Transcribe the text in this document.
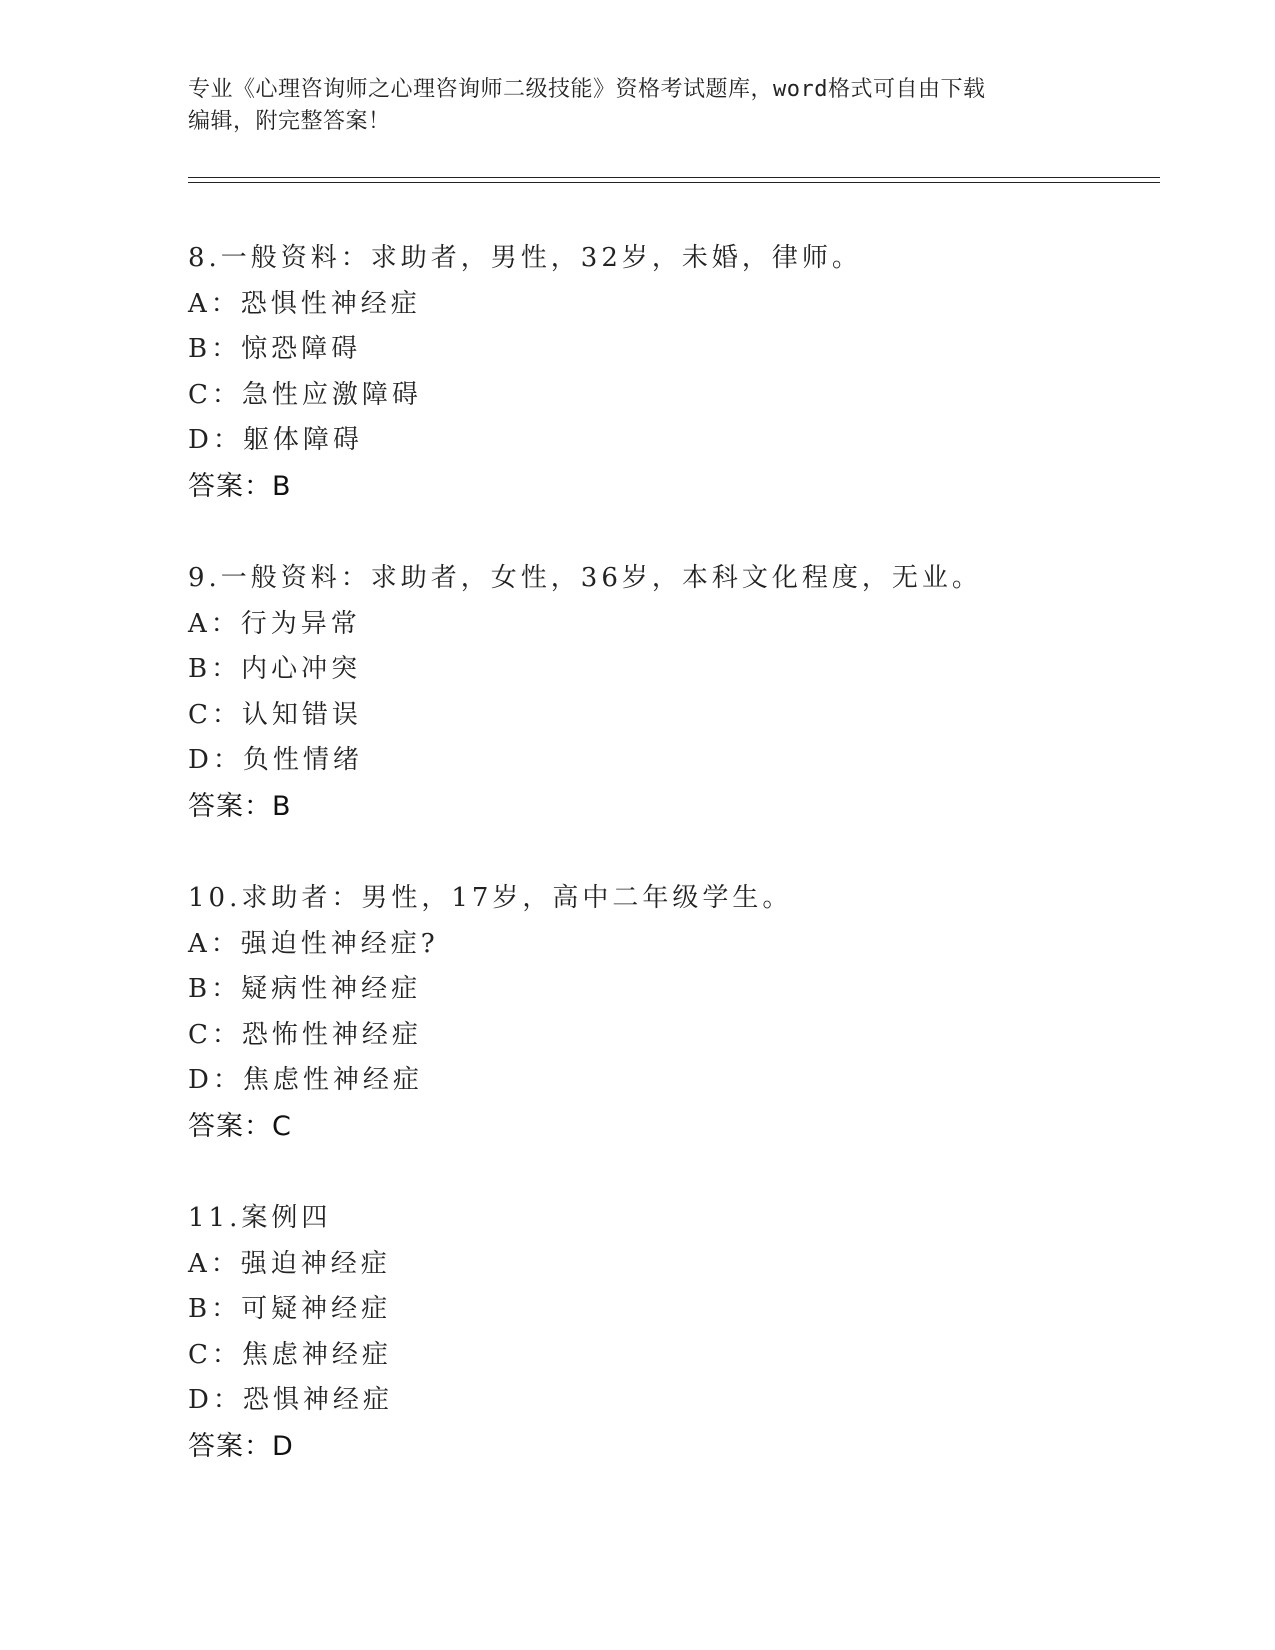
专业《心理咨询师之心理咨询师二级技能》资格考试题库，word格式可自由下载
编辑，附完整答案！
8.一般资料：求助者，男性，32岁，未婚，律师。
A：恐惧性神经症
B：惊恐障碍
C：急性应激障碍
D：躯体障碍
答案：B
9.一般资料：求助者，女性，36岁，本科文化程度，无业。
A：行为异常
B：内心冲突
C：认知错误
D：负性情绪
答案：B
10.求助者：男性，17岁，高中二年级学生。
A：强迫性神经症?
B：疑病性神经症
C：恐怖性神经症
D：焦虑性神经症
答案：C
11.案例四
A：强迫神经症
B：可疑神经症
C：焦虑神经症
D：恐惧神经症
答案：D
